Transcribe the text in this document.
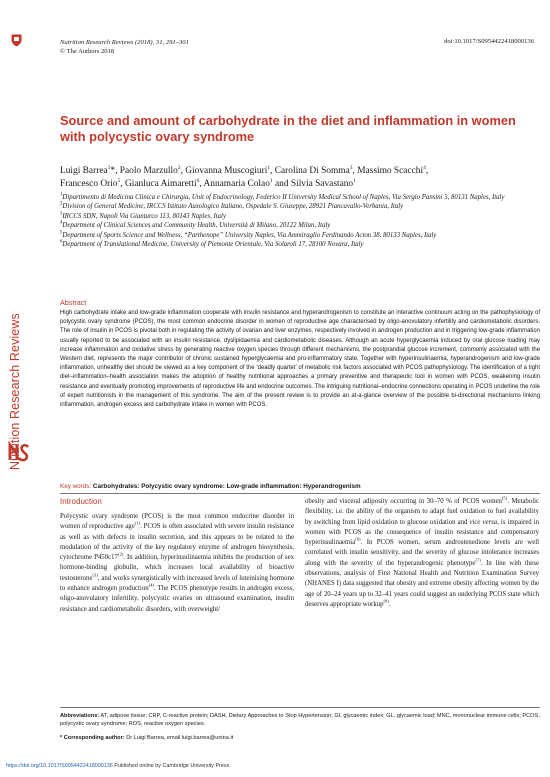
Nutrition Research Reviews (2018), 31, 291–301
© The Authors 2018
doi:10.1017/S0954422418000136
Nutrition Research Reviews
Source and amount of carbohydrate in the diet and inflammation in women with polycystic ovary syndrome
Luigi Barrea$^1$*, Paolo Marzullo$^2$, Giovanna Muscogiuri$^1$, Carolina Di Somma$^3$, Massimo Scacchi$^4$,
Francesco Orio$^5$, Gianluca Aimaretti$^6$, Annamaria Colao$^1$ and Silvia Savastano$^1$
$^1$Dipartimento di Medicina Clinica e Chirurgia, Unit of Endocrinology, Federico II University Medical School of Naples, Via Sergio Pansini 5, 80131 Naples, Italy
$^2$Division of General Medicine, IRCCS Istituto Auxologico Italiano, Ospedale S. Giuseppe, 28921 Piancavallo-Verbania, Italy
$^3$IRCCS SDN, Napoli Via Gianturco 113, 80143 Naples, Italy
$^4$Department of Clinical Sciences and Community Health, Università di Milano, 20122 Milan, Italy
$^5$Department of Sports Science and Wellness, “Parthenope” University Naples, Via Ammiraglio Ferdinando Acton 38, 80133 Naples, Italy
$^6$Department of Translational Medicine, University of Piemonte Orientale, Via Solaroli 17, 28100 Novara, Italy
Abstract

High carbohydrate intake and low-grade inflammation cooperate with insulin resistance and hyperandrogenism to constitute an interactive continuum acting on the pathophysiology of polycystic ovary syndrome (PCOS), the most common endocrine disorder in women of reproductive age characterised by oligo-anovulatory infertility and cardiometabolic disorders. The role of insulin in PCOS is pivotal both in regulating the activity of ovarian and liver enzymes, respectively involved in androgen production and in triggering low-grade inflammation usually reported to be associated with an insulin resistance, dyslipidaemia and cardiometabolic diseases. Although an acute hyperglycaemia induced by oral glucose loading may increase inflammation and oxidative stress by generating reactive oxygen species through different mechanisms, the postprandial glucose increment, commonly associated with the Western diet, represents the major contributor of chronic sustained hyperglycaemia and pro-inflammatory state. Together with hyperinsulinaemia, hyperandrogenism and low-grade inflammation, unhealthy diet should be viewed as a key component of the ‘deadly quartet’ of metabolic risk factors associated with PCOS pathophysiology. The identification of a tight diet–inflammation–health association makes the adoption of healthy nutritional approaches a primary preventive and therapeutic tool in women with PCOS, weakening insulin resistance and eventually promoting improvements of reproductive life and endocrine outcomes. The intriguing nutritional–endocrine connections operating in PCOS underline the role of expert nutritionists in the management of this syndrome. The aim of the present review is to provide an at-a-glance overview of the possible bi-directional mechanisms linking inflammation, androgen excess and carbohydrate intake in women with PCOS.

Key words: Carbohydrates: Polycystic ovary syndrome: Low-grade inflammation: Hyperandrogenism
Introduction

Polycystic ovary syndrome (PCOS) is the most common endocrine disorder in women of reproductive age$^{(1)}$. PCOS is often associated with severe insulin resistance as well as with defects in insulin secretion, and this appears to be related to the modulation of the activity of the key regulatory enzyme of androgen biosynthesis, cytochrome P450c17$^{(2)}$. In addition, hyperinsulinaemia inhibits the production of sex hormone-binding globulin, which increases local availability of bioactive testosterone$^{(3)}$, and works synergistically with increased levels of luteinising hormone to enhance androgen production$^{(4)}$. The PCOS phenotype results in androgen excess, oligo-anovulatory infertility, polycystic ovaries on ultrasound examination, insulin resistance and cardiometabolic disorders, with overweight/

obesity and visceral adiposity occurring in 30–70 % of PCOS women$^{(5)}$. Metabolic flexibility, i.e. the ability of the organism to adapt fuel oxidation to fuel availability by switching from lipid oxidation to glucose oxidation and vice versa, is impaired in women with PCOS as the consequence of insulin resistance and compensatory hyperinsulinaemia$^{(6)}$. In PCOS women, serum androstenedione levels are well correlated with insulin sensitivity, and the severity of glucose intolerance increases along with the severity of the hyperandrogenic phenotype$^{(7)}$. In line with these observations, analysis of First National Health and Nutrition Examination Survey (NHANES I) data suggested that obesity and extreme obesity affecting women by the age of 20–24 years up to 32–41 years could suggest an underlying PCOS state which deserves appropriate workup$^{(8)}$.

Abbreviations: AT, adipose tissue; CRP, C-reactive protein; DASH, Dietary Approaches to Stop Hypertension; GI, glycaemic index; GL, glycaemic load; MNC, mononuclear immune cells; PCOS, polycystic ovary syndrome; ROS, reactive oxygen species.
* Corresponding author: Dr Luigi Barrea, email luigi.barrea@unina.it
https://doi.org/10.1017/S0954422418000136 Published online by Cambridge University Press
